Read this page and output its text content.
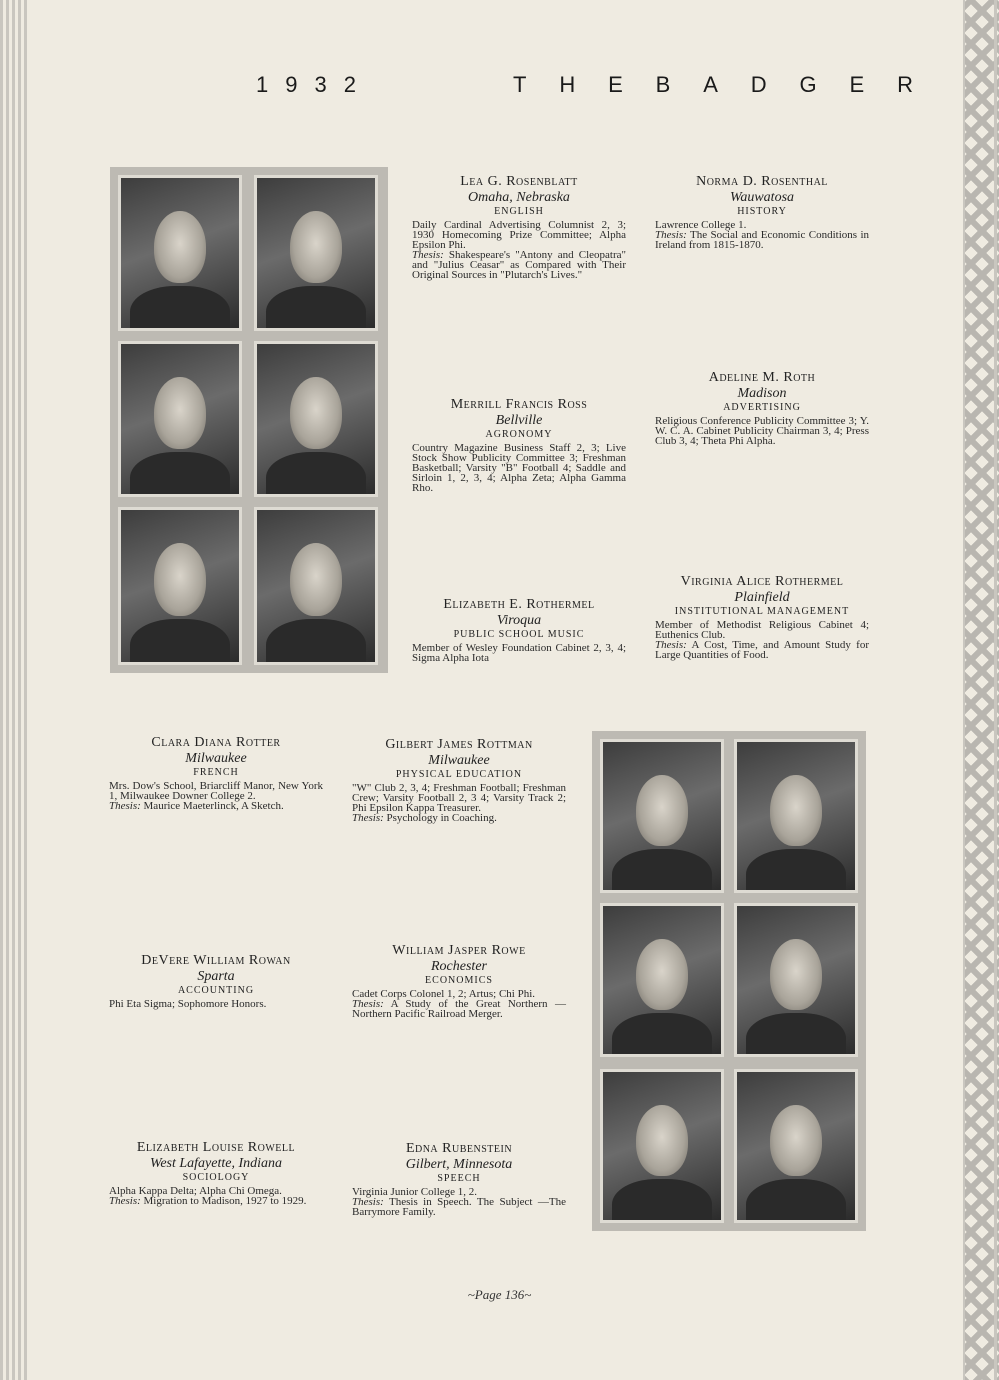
1932	T H E B A D G E R
Lea G. Rosenblatt
Omaha, Nebraska
ENGLISH
Daily Cardinal Advertising Columnist 2, 3; 1930 Homecoming Prize Committee; Alpha Epsilon Phi.
Thesis: Shakespeare's "Antony and Cleopatra" and "Julius Ceasar" as Compared with Their Original Sources in "Plutarch's Lives."
Norma D. Rosenthal
Wauwatosa
HISTORY
Lawrence College 1.
Thesis: The Social and Economic Conditions in Ireland from 1815-1870.
Merrill Francis Ross
Bellville
AGRONOMY
Country Magazine Business Staff 2, 3; Live Stock Show Publicity Committee 3; Freshman Basketball; Varsity "B" Football 4; Saddle and Sirloin 1, 2, 3, 4; Alpha Zeta; Alpha Gamma Rho.
Adeline M. Roth
Madison
ADVERTISING
Religious Conference Publicity Committee 3; Y. W. C. A. Cabinet Publicity Chairman 3, 4; Press Club 3, 4; Theta Phi Alpha.
Elizabeth E. Rothermel
Viroqua
PUBLIC SCHOOL MUSIC
Member of Wesley Foundation Cabinet 2, 3, 4; Sigma Alpha Iota
Virginia Alice Rothermel
Plainfield
INSTITUTIONAL MANAGEMENT
Member of Methodist Religious Cabinet 4; Euthenics Club.
Thesis: A Cost, Time, and Amount Study for Large Quantities of Food.
Clara Diana Rotter
Milwaukee
FRENCH
Mrs. Dow's School, Briarcliff Manor, New York 1, Milwaukee Downer College 2.
Thesis: Maurice Maeterlinck, A Sketch.
Gilbert James Rottman
Milwaukee
PHYSICAL EDUCATION
"W" Club 2, 3, 4; Freshman Football; Freshman Crew; Varsity Football 2, 3 4; Varsity Track 2; Phi Epsilon Kappa Treasurer.
Thesis: Psychology in Coaching.
DeVere William Rowan
Sparta
ACCOUNTING
Phi Eta Sigma; Sophomore Honors.
William Jasper Rowe
Rochester
ECONOMICS
Cadet Corps Colonel 1, 2; Artus; Chi Phi.
Thesis: A Study of the Great Northern —Northern Pacific Railroad Merger.
Elizabeth Louise Rowell
West Lafayette, Indiana
SOCIOLOGY
Alpha Kappa Delta; Alpha Chi Omega.
Thesis: Migration to Madison, 1927 to 1929.
Edna Rubenstein
Gilbert, Minnesota
SPEECH
Virginia Junior College 1, 2.
Thesis: Thesis in Speech. The Subject —The Barrymore Family.
~Page 136~
